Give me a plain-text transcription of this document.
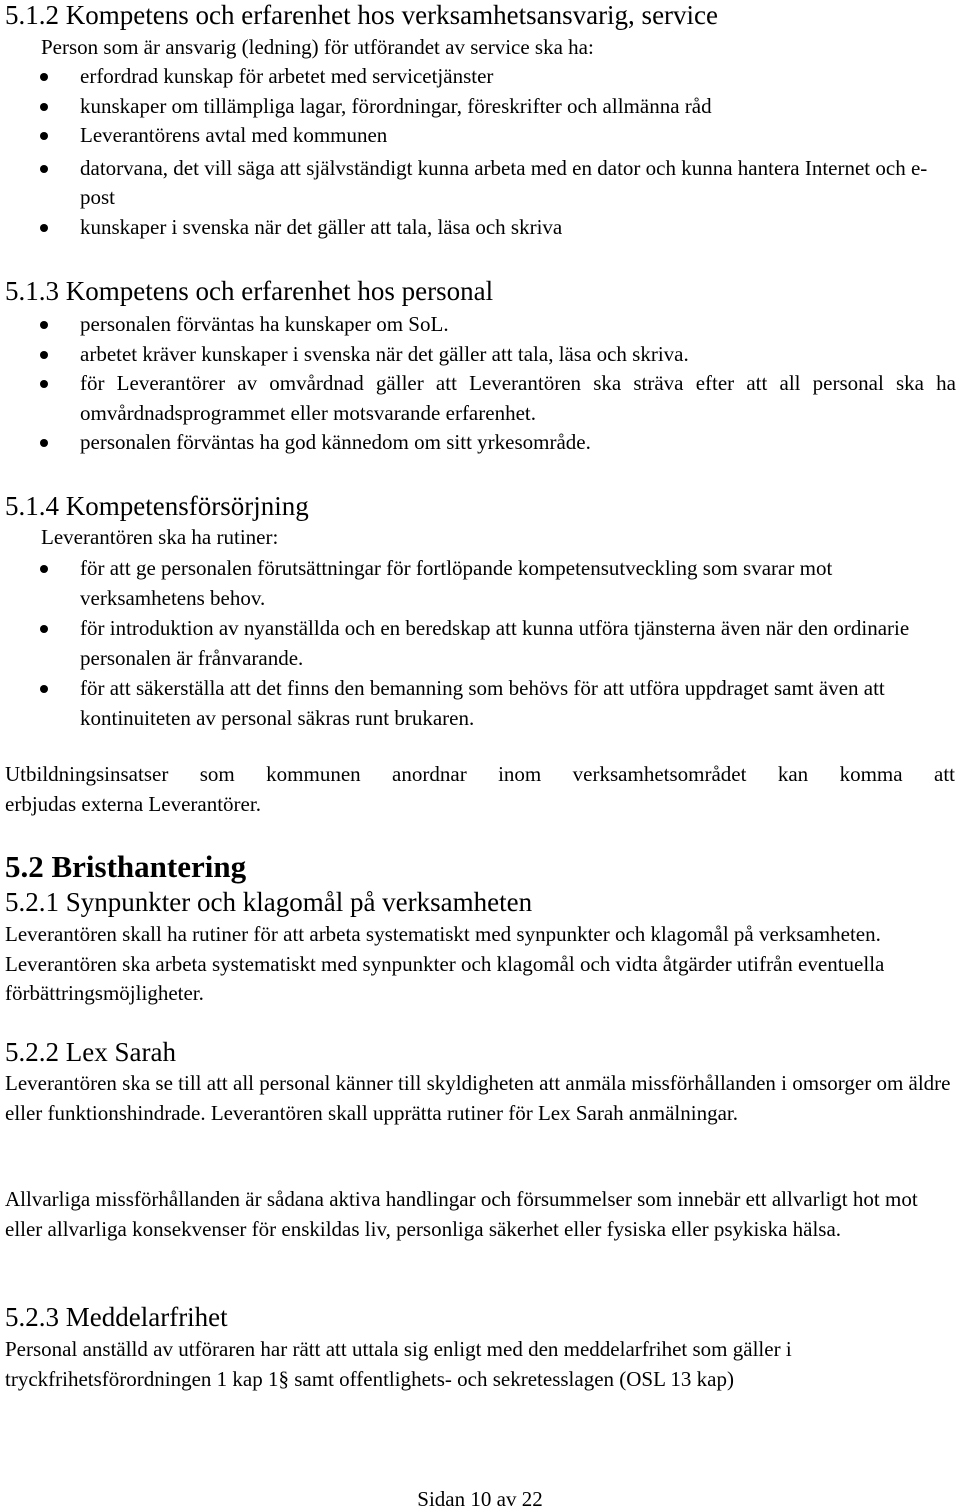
5.1.2 Kompetens och erfarenhet hos verksamhetsansvarig, service
Person som är ansvarig (ledning) för utförandet av service ska ha:
erfordrad kunskap för arbetet med servicetjänster
kunskaper om tillämpliga lagar, förordningar, föreskrifter och allmänna råd
Leverantörens avtal med kommunen
datorvana, det vill säga att självständigt kunna arbeta med en dator och kunna hantera Internet och e-post
kunskaper i svenska när det gäller att tala, läsa och skriva
5.1.3 Kompetens och erfarenhet hos personal
personalen förväntas ha kunskaper om SoL.
arbetet kräver kunskaper i svenska när det gäller att tala, läsa och skriva.
för Leverantörer av omvårdnad gäller att Leverantören ska sträva efter att all personal ska ha omvårdnadsprogrammet eller motsvarande erfarenhet.
personalen förväntas ha god kännedom om sitt yrkesområde.
5.1.4 Kompetensförsörjning
Leverantören ska ha rutiner:
för att ge personalen förutsättningar för fortlöpande kompetensutveckling som svarar mot verksamhetens behov.
för introduktion av nyanställda och en beredskap att kunna utföra tjänsterna även när den ordinarie personalen är frånvarande.
för att säkerställa att det finns den bemanning som behövs för att utföra uppdraget samt även att kontinuiteten av personal säkras runt brukaren.
Utbildningsinsatser som kommunen anordnar inom verksamhetsområdet kan komma att
erbjudas externa Leverantörer.
5.2 Bristhantering
5.2.1 Synpunkter och klagomål på verksamheten
Leverantören skall ha rutiner för att arbeta systematiskt med synpunkter och klagomål på verksamheten. Leverantören ska arbeta systematiskt med synpunkter och klagomål och vidta åtgärder utifrån eventuella förbättringsmöjligheter.
5.2.2 Lex Sarah
Leverantören ska se till att all personal känner till skyldigheten att anmäla missförhållanden i omsorger om äldre eller funktionshindrade. Leverantören skall upprätta rutiner för Lex Sarah anmälningar.
Allvarliga missförhållanden är sådana aktiva handlingar och försummelser som innebär ett allvarligt hot mot eller allvarliga konsekvenser för enskildas liv, personliga säkerhet eller fysiska eller psykiska hälsa.
5.2.3 Meddelarfrihet
Personal anställd av utföraren har rätt att uttala sig enligt med den meddelarfrihet som gäller i tryckfrihetsförordningen 1 kap 1§ samt offentlighets- och sekretesslagen (OSL 13 kap)
Sidan 10 av 22
